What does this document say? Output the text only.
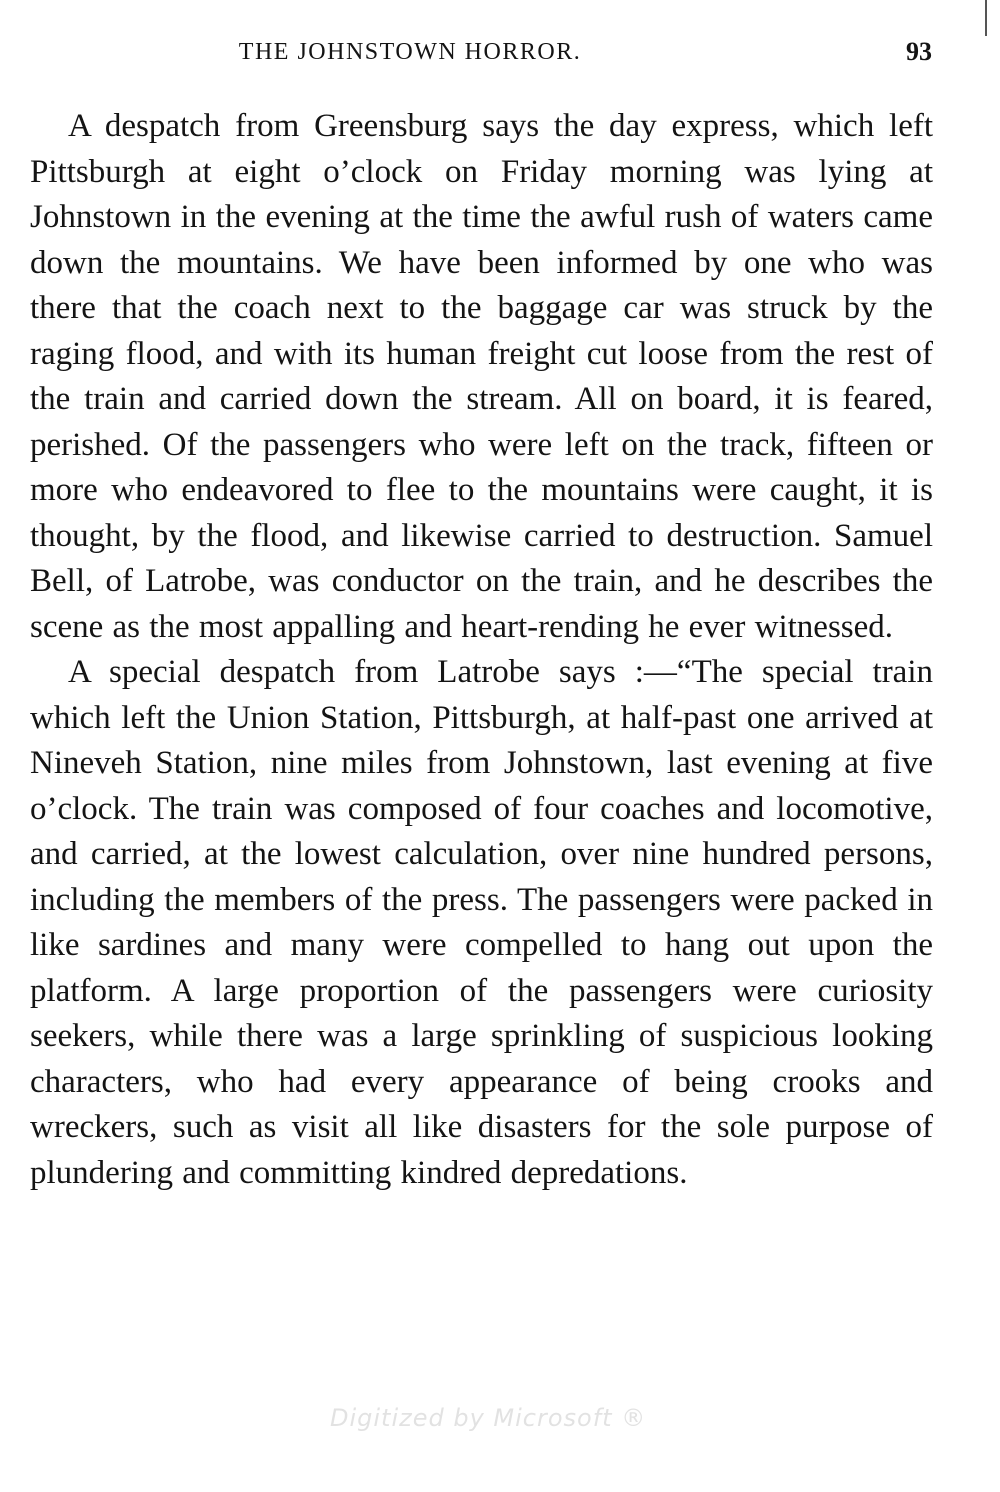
THE JOHNSTOWN HORROR.	93

A despatch from Greensburg says the day express, which left Pittsburgh at eight o’clock on Friday morning was lying at Johnstown in the evening at the time the awful rush of waters came down the mountains. We have been informed by one who was there that the coach next to the baggage car was struck by the raging flood, and with its human freight cut loose from the rest of the train and carried down the stream. All on board, it is feared, perished. Of the passengers who were left on the track, fifteen or more who endeavored to flee to the mountains were caught, it is thought, by the flood, and likewise carried to destruction. Samuel Bell, of Latrobe, was conductor on the train, and he describes the scene as the most appalling and heart-rending he ever witnessed.

A special despatch from Latrobe says :—“The special train which left the Union Station, Pittsburgh, at half-past one arrived at Nineveh Station, nine miles from Johnstown, last evening at five o’clock. The train was composed of four coaches and locomotive, and carried, at the lowest calculation, over nine hundred persons, including the members of the press. The passengers were packed in like sardines and many were compelled to hang out upon the platform. A large proportion of the passengers were curiosity seekers, while there was a large sprinkling of suspicious looking characters, who had every appearance of being crooks and wreckers, such as visit all like disasters for the sole purpose of plundering and committing kindred depredations.

Digitized by Microsoft ®
